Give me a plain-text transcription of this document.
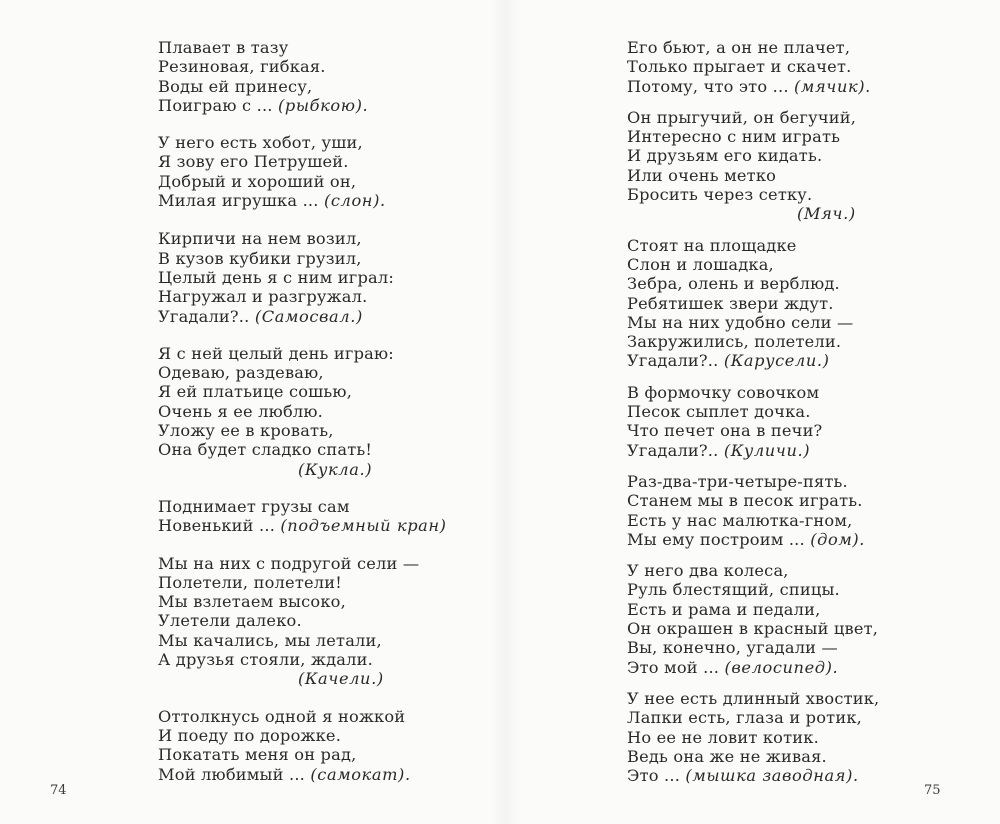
Плавает в тазу
Резиновая, гибкая.
Воды ей принесу,
Поиграю с ... (рыбкою).
У него есть хобот, уши,
Я зову его Петрушей.
Добрый и хороший он,
Милая игрушка ... (слон).
Кирпичи на нем возил,
В кузов кубики грузил,
Целый день я с ним играл:
Нагружал и разгружал.
Угадали?.. (Самосвал.)
Я с ней целый день играю:
Одеваю, раздеваю,
Я ей платьице сошью,
Очень я ее люблю.
Уложу ее в кровать,
Она будет сладко спать!
(Кукла.)
Поднимает грузы сам
Новенький ... (подъемный кран)
Мы на них с подругой сели —
Полетели, полетели!
Мы взлетаем высоко,
Улетели далеко.
Мы качались, мы летали,
А друзья стояли, ждали.
(Качели.)
Оттолкнусь одной я ножкой
И поеду по дорожке.
Покатать меня он рад,
Мой любимый ... (самокат).
Его бьют, а он не плачет,
Только прыгает и скачет.
Потому, что это ... (мячик).
Он прыгучий, он бегучий,
Интересно с ним играть
И друзьям его кидать.
Или очень метко
Бросить через сетку.
(Мяч.)
Стоят на площадке
Слон и лошадка,
Зебра, олень и верблюд.
Ребятишек звери ждут.
Мы на них удобно сели —
Закружились, полетели.
Угадали?.. (Карусели.)
В формочку совочком
Песок сыплет дочка.
Что печет она в печи?
Угадали?.. (Куличи.)
Раз-два-три-четыре-пять.
Станем мы в песок играть.
Есть у нас малютка-гном,
Мы ему построим ... (дом).
У него два колеса,
Руль блестящий, спицы.
Есть и рама и педали,
Он окрашен в красный цвет,
Вы, конечно, угадали —
Это мой ... (велосипед).
У нее есть длинный хвостик,
Лапки есть, глаза и ротик,
Но ее не ловит котик.
Ведь она же не живая.
Это ... (мышка заводная).
74	75
